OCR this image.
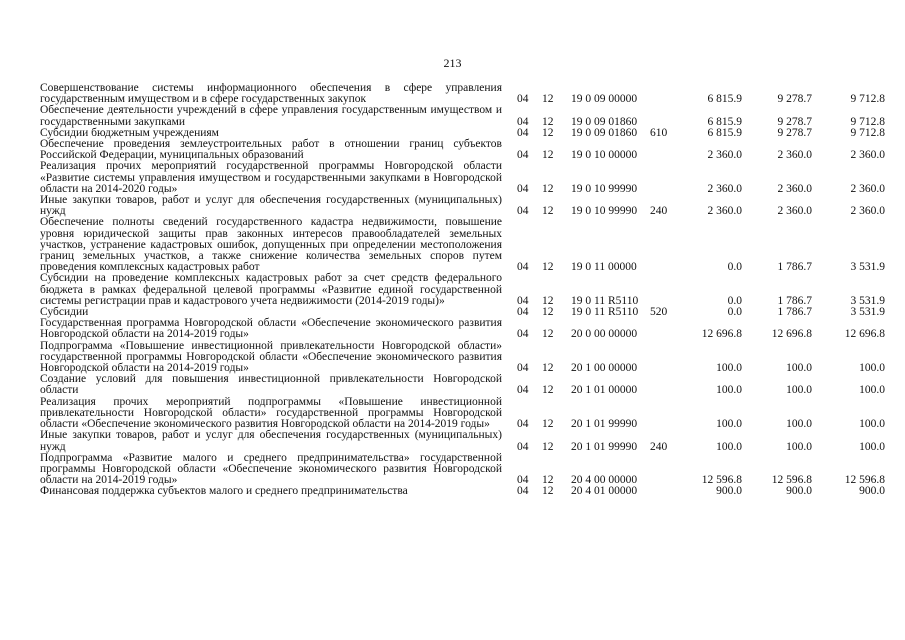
213
Совершенствование системы информационного обеспечения в сфере управления государственным имуществом и в сфере государственных закупок	04 12 19 0 09 00000	6 815.9	9 278.7	9 712.8
Обеспечение деятельности учреждений в сфере управления государственным имуществом и государственными закупками	04 12 19 0 09 01860	6 815.9	9 278.7	9 712.8
Субсидии бюджетным учреждениям	04 12 19 0 09 01860 610	6 815.9	9 278.7	9 712.8
Обеспечение проведения землеустроительных работ в отношении границ субъектов Российской Федерации, муниципальных образований	04 12 19 0 10 00000	2 360.0	2 360.0	2 360.0
Реализация прочих мероприятий государственной программы Новгородской области «Развитие системы управления имуществом и государственными закупками в Новгородской области на 2014-2020 годы»	04 12 19 0 10 99990	2 360.0	2 360.0	2 360.0
Иные закупки товаров, работ и услуг для обеспечения государственных (муниципальных) нужд	04 12 19 0 10 99990 240	2 360.0	2 360.0	2 360.0
Обеспечение полноты сведений государственного кадастра недвижимости, повышение уровня юридической защиты прав законных интересов правообладателей земельных участков, устранение кадастровых ошибок, допущенных при определении местоположения границ земельных участков, а также снижение количества земельных споров путем проведения комплексных кадастровых работ	04 12 19 0 11 00000	0.0	1 786.7	3 531.9
Субсидии на проведение комплексных кадастровых работ за счет средств федерального бюджета в рамках федеральной целевой программы «Развитие единой государственной системы регистрации прав и кадастрового учета недвижимости (2014-2019 годы)»	04 12 19 0 11 R5110	0.0	1 786.7	3 531.9
Субсидии	04 12 19 0 11 R5110 520	0.0	1 786.7	3 531.9
Государственная программа Новгородской области «Обеспечение экономического развития Новгородской области на 2014-2019 годы»	04 12 20 0 00 00000	12 696.8	12 696.8	12 696.8
Подпрограмма «Повышение инвестиционной привлекательности Новгородской области» государственной программы Новгородской области «Обеспечение экономического развития Новгородской области на 2014-2019 годы»	04 12 20 1 00 00000	100.0	100.0	100.0
Создание условий для повышения инвестиционной привлекательности Новгородской области	04 12 20 1 01 00000	100.0	100.0	100.0
Реализация прочих мероприятий подпрограммы «Повышение инвестиционной привлекательности Новгородской области» государственной программы Новгородской области «Обеспечение экономического развития Новгородской области на 2014-2019 годы»	04 12 20 1 01 99990	100.0	100.0	100.0
Иные закупки товаров, работ и услуг для обеспечения государственных (муниципальных) нужд	04 12 20 1 01 99990 240	100.0	100.0	100.0
Подпрограмма «Развитие малого и среднего предпринимательства» государственной программы Новгородской области «Обеспечение экономического развития Новгородской области на 2014-2019 годы»	04 12 20 4 00 00000	12 596.8	12 596.8	12 596.8
Финансовая поддержка субъектов малого и среднего предпринимательства	04 12 20 4 01 00000	900.0	900.0	900.0
